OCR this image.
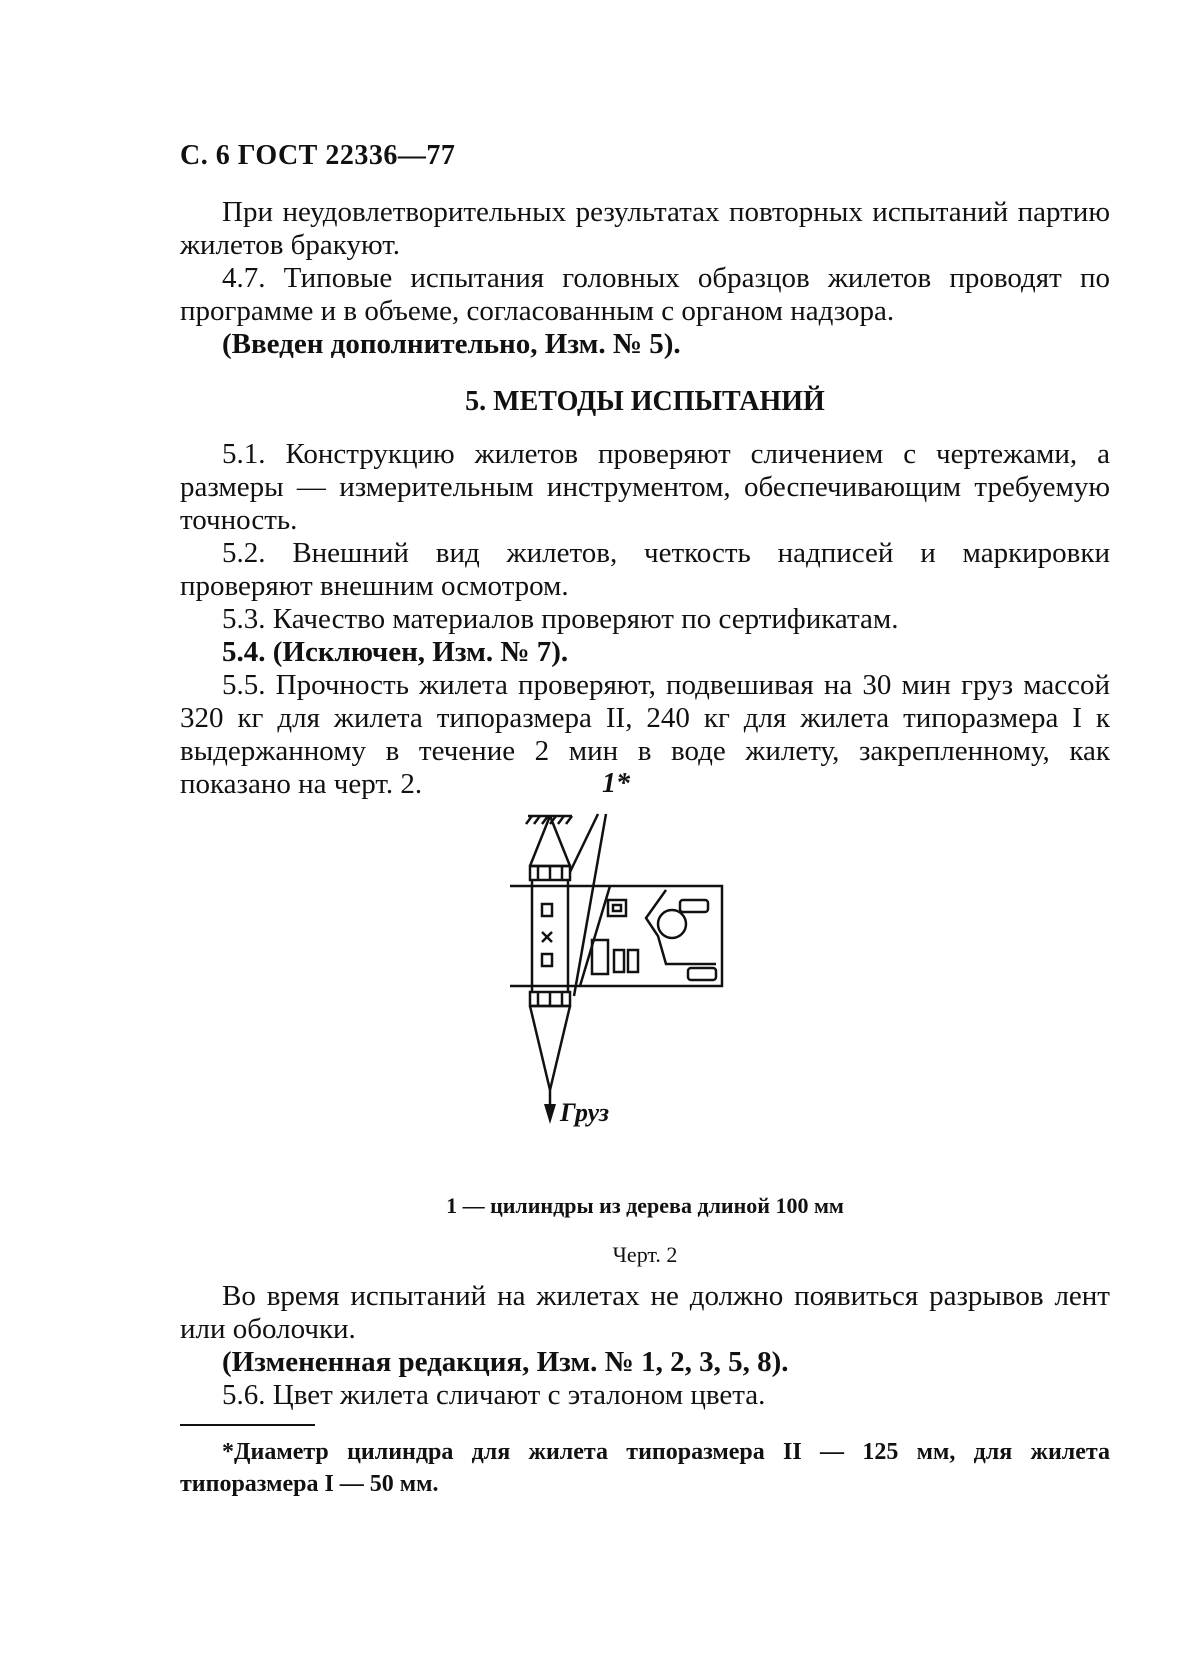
С. 6 ГОСТ 22336—77

При неудовлетворительных результатах повторных испытаний партию жилетов бракуют.

4.7. Типовые испытания головных образцов жилетов проводят по программе и в объеме, согласованным с органом надзора.

(Введен дополнительно, Изм. № 5).

5. МЕТОДЫ ИСПЫТАНИЙ

5.1. Конструкцию жилетов проверяют сличением с чертежами, а размеры — измерительным инструментом, обеспечивающим требуемую точность.

5.2. Внешний вид жилетов, четкость надписей и маркировки проверяют внешним осмотром.

5.3. Качество материалов проверяют по сертификатам.

5.4. (Исключен, Изм. № 7).

5.5. Прочность жилета проверяют, подвешивая на 30 мин груз массой 320 кг для жилета типоразмера II, 240 кг для жилета типоразмера I к выдержанному в течение 2 мин в воде жилету, закрепленному, как показано на черт. 2.	1*
Груз
1 — цилиндры из дерева длиной 100 мм
Черт. 2

Во время испытаний на жилетах не должно появиться разрывов лент или оболочки.

(Измененная редакция, Изм. № 1, 2, 3, 5, 8).

5.6. Цвет жилета сличают с эталоном цвета.

*Диаметр цилиндра для жилета типоразмера II — 125 мм, для жилета типоразмера I — 50 мм.
